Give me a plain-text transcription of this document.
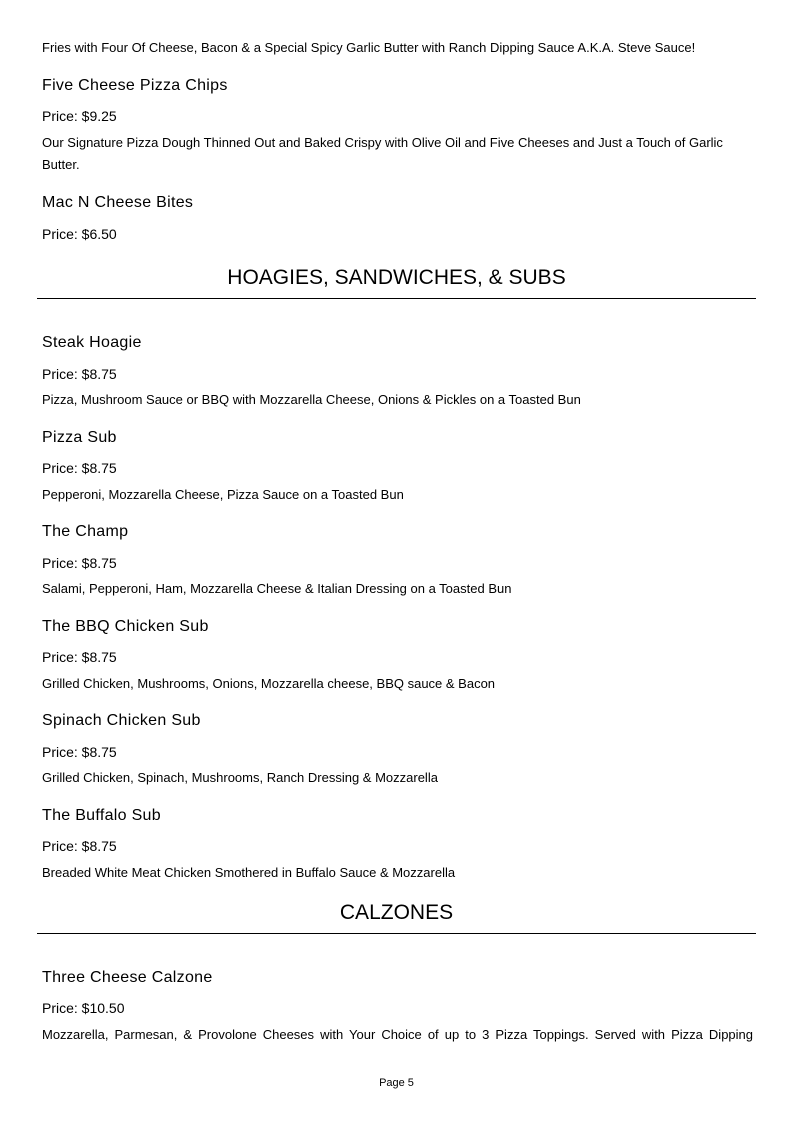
Fries with Four Of Cheese, Bacon & a Special Spicy Garlic Butter with Ranch Dipping Sauce A.K.A. Steve Sauce!

Five Cheese Pizza Chips

Price: $9.25

Our Signature Pizza Dough Thinned Out and Baked Crispy with Olive Oil and Five Cheeses and Just a Touch of Garlic Butter.

Mac N Cheese Bites

Price: $6.50

HOAGIES, SANDWICHES, & SUBS
Steak Hoagie

Price: $8.75

Pizza, Mushroom Sauce or BBQ with Mozzarella Cheese, Onions & Pickles on a Toasted Bun

Pizza Sub

Price: $8.75

Pepperoni, Mozzarella Cheese, Pizza Sauce on a Toasted Bun

The Champ

Price: $8.75

Salami, Pepperoni, Ham, Mozzarella Cheese & Italian Dressing on a Toasted Bun

The BBQ Chicken Sub

Price: $8.75

Grilled Chicken, Mushrooms, Onions, Mozzarella cheese, BBQ sauce & Bacon

Spinach Chicken Sub

Price: $8.75

Grilled Chicken, Spinach, Mushrooms, Ranch Dressing & Mozzarella

The Buffalo Sub

Price: $8.75

Breaded White Meat Chicken Smothered in Buffalo Sauce & Mozzarella

CALZONES
Three Cheese Calzone

Price: $10.50

Mozzarella, Parmesan, & Provolone Cheeses with Your Choice of up to 3 Pizza Toppings. Served with Pizza Dipping

Page 5
